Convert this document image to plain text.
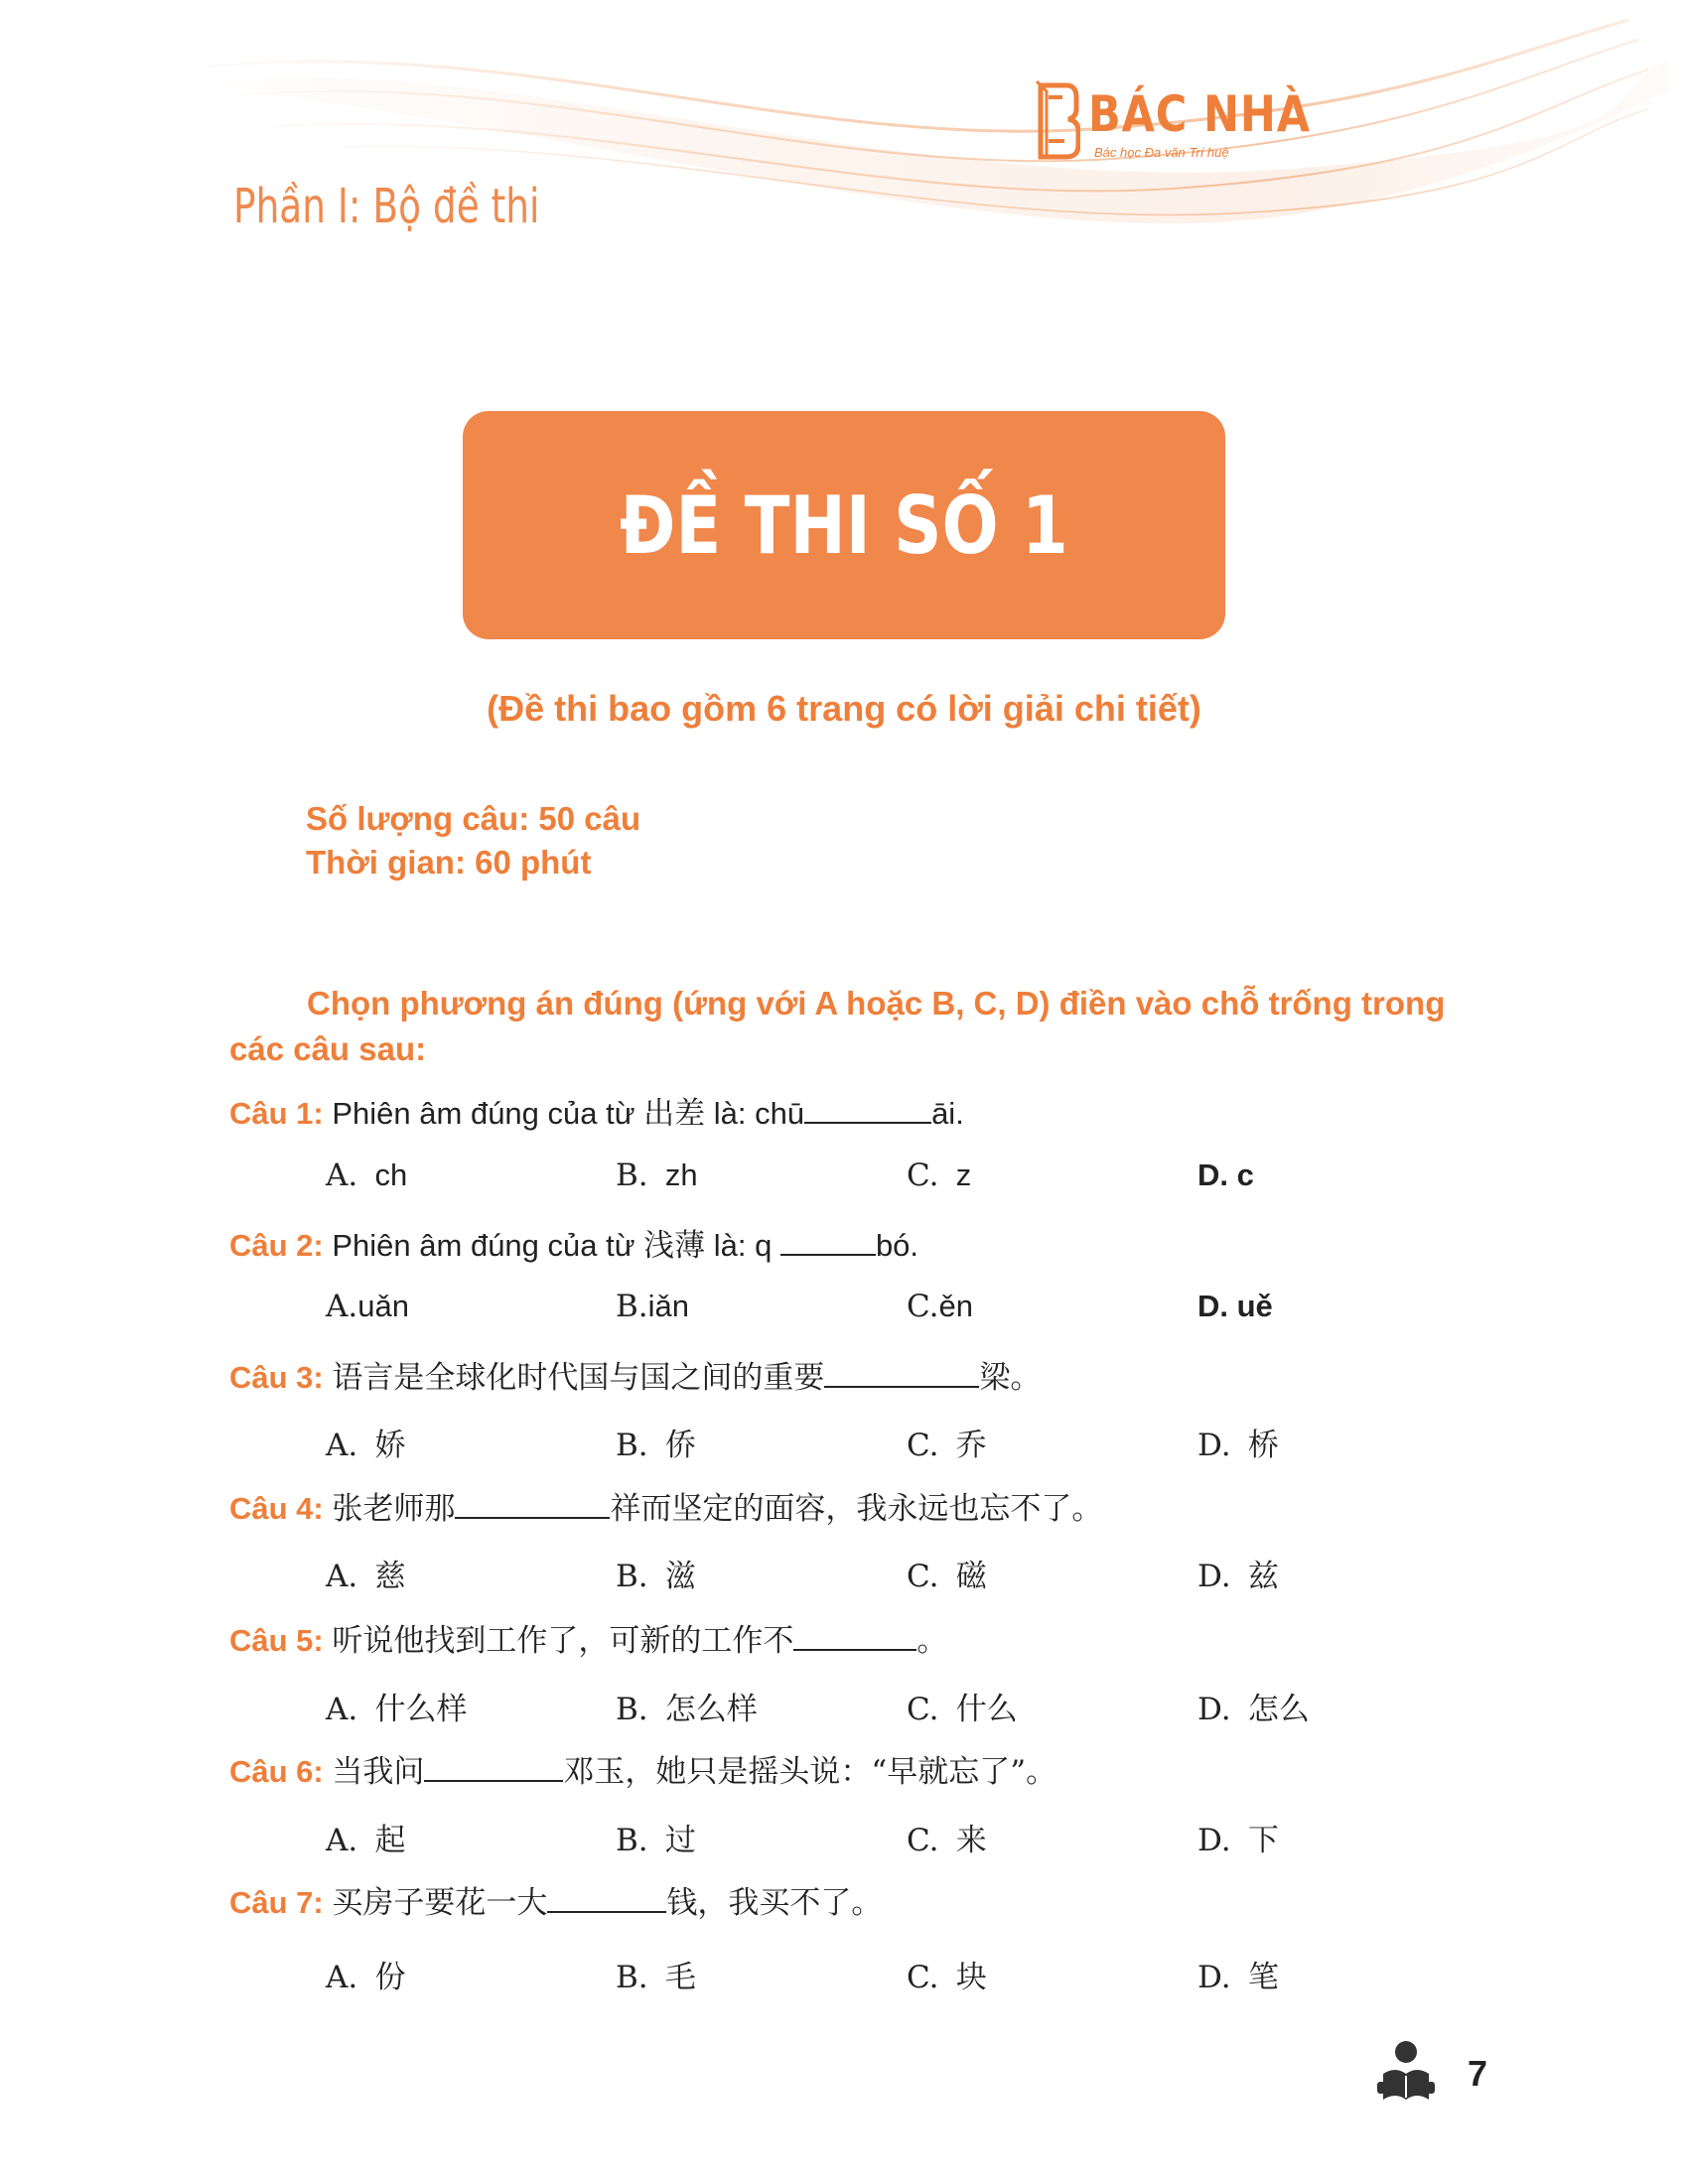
BÁC NHÀ
Bác học Đa văn Trí huệ
Phần I: Bộ đề thi
ĐỀ THI SỐ 1
(Đề thi bao gồm 6 trang có lời giải chi tiết)
Số lượng câu: 50 câu
Thời gian: 60 phút
Chọn phương án đúng (ứng với A hoặc B, C, D) điền vào chỗ trống trong các câu sau:
Câu 1: Phiên âm đúng của từ 出差 là: chū	āi.
A. ch	B. zh	C. z	D. c
Câu 2: Phiên âm đúng của từ 浅薄 là: q	bó.
A.uǎn	B.iǎn	C.ěn	D. uě
Câu 3: 语言是全球化时代国与国之间的重要	梁。
A. 娇	B. 侨	C. 乔	D. 桥
Câu 4: 张老师那	祥而坚定的面容，我永远也忘不了。
A. 慈	B. 滋	C. 磁	D. 兹
Câu 5: 听说他找到工作了，可新的工作不	。
A. 什么样	B. 怎么样	C. 什么	D. 怎么
Câu 6: 当我问	邓玉，她只是摇头说：“早就忘了”。
A. 起	B. 过	C. 来	D. 下
Câu 7: 买房子要花一大	钱，我买不了。
A. 份	B. 毛	C. 块	D. 笔
7
